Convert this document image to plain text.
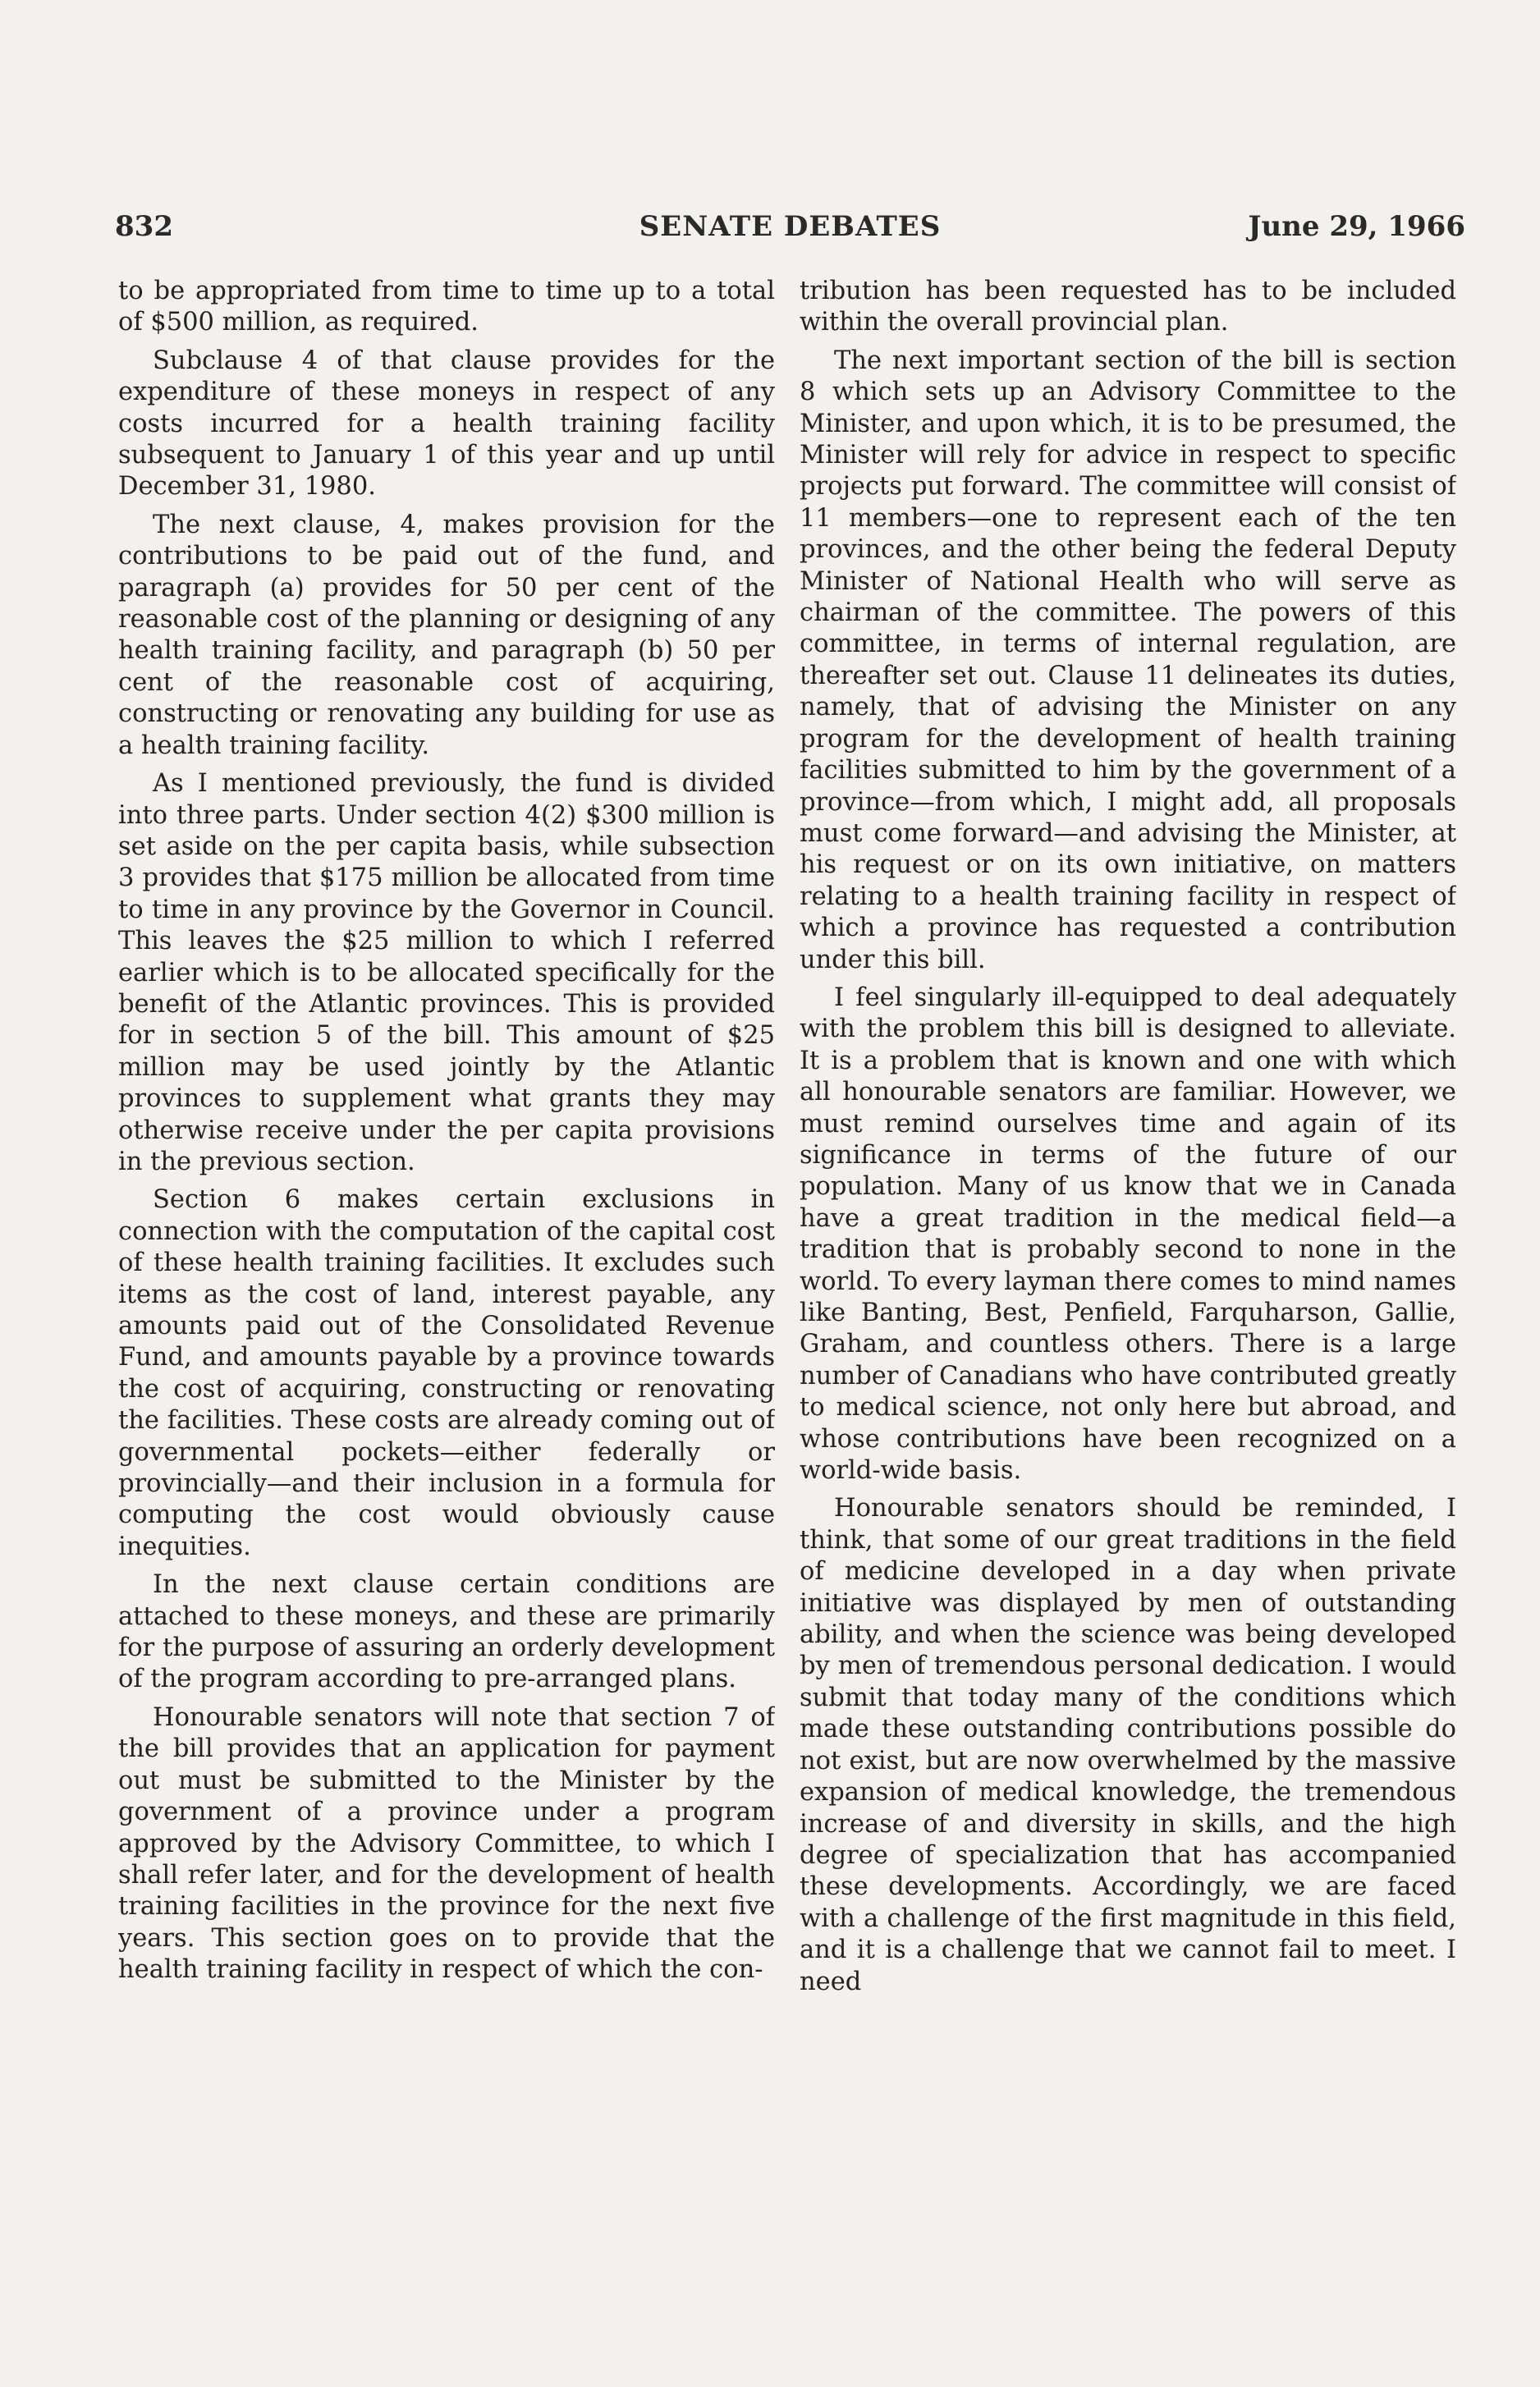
832	SENATE DEBATES	June 29, 1966

to be appropriated from time to time up to a total of $500 million, as required.

Subclause 4 of that clause provides for the expenditure of these moneys in respect of any costs incurred for a health training facility subsequent to January 1 of this year and up until December 31, 1980.

The next clause, 4, makes provision for the contributions to be paid out of the fund, and paragraph (a) provides for 50 per cent of the reasonable cost of the planning or designing of any health training facility, and paragraph (b) 50 per cent of the reasonable cost of acquiring, constructing or renovating any building for use as a health training facility.

As I mentioned previously, the fund is divided into three parts. Under section 4(2) $300 million is set aside on the per capita basis, while subsection 3 provides that $175 million be allocated from time to time in any province by the Governor in Council. This leaves the $25 million to which I referred earlier which is to be allocated specifically for the benefit of the Atlantic provinces. This is provided for in section 5 of the bill. This amount of $25 million may be used jointly by the Atlantic provinces to supplement what grants they may otherwise receive under the per capita provisions in the previous section.

Section 6 makes certain exclusions in connection with the computation of the capital cost of these health training facilities. It excludes such items as the cost of land, interest payable, any amounts paid out of the Consolidated Revenue Fund, and amounts payable by a province towards the cost of acquiring, constructing or renovating the facilities. These costs are already coming out of governmental pockets—either federally or provincially—and their inclusion in a formula for computing the cost would obviously cause inequities.

In the next clause certain conditions are attached to these moneys, and these are primarily for the purpose of assuring an orderly development of the program according to pre-arranged plans.

Honourable senators will note that section 7 of the bill provides that an application for payment out must be submitted to the Minister by the government of a province under a program approved by the Advisory Committee, to which I shall refer later, and for the development of health training facilities in the province for the next five years. This section goes on to provide that the health training facility in respect of which the con-

tribution has been requested has to be included within the overall provincial plan.

The next important section of the bill is section 8 which sets up an Advisory Committee to the Minister, and upon which, it is to be presumed, the Minister will rely for advice in respect to specific projects put forward. The committee will consist of 11 members—one to represent each of the ten provinces, and the other being the federal Deputy Minister of National Health who will serve as chairman of the committee. The powers of this committee, in terms of internal regulation, are thereafter set out. Clause 11 delineates its duties, namely, that of advising the Minister on any program for the development of health training facilities submitted to him by the government of a province—from which, I might add, all proposals must come forward—and advising the Minister, at his request or on its own initiative, on matters relating to a health training facility in respect of which a province has requested a contribution under this bill.

I feel singularly ill-equipped to deal adequately with the problem this bill is designed to alleviate. It is a problem that is known and one with which all honourable senators are familiar. However, we must remind ourselves time and again of its significance in terms of the future of our population. Many of us know that we in Canada have a great tradition in the medical field—a tradition that is probably second to none in the world. To every layman there comes to mind names like Banting, Best, Penfield, Farquharson, Gallie, Graham, and countless others. There is a large number of Canadians who have contributed greatly to medical science, not only here but abroad, and whose contributions have been recognized on a world-wide basis.

Honourable senators should be reminded, I think, that some of our great traditions in the field of medicine developed in a day when private initiative was displayed by men of outstanding ability, and when the science was being developed by men of tremendous personal dedication. I would submit that today many of the conditions which made these outstanding contributions possible do not exist, but are now overwhelmed by the massive expansion of medical knowledge, the tremendous increase of and diversity in skills, and the high degree of specialization that has accompanied these developments. Accordingly, we are faced with a challenge of the first magnitude in this field, and it is a challenge that we cannot fail to meet. I need
